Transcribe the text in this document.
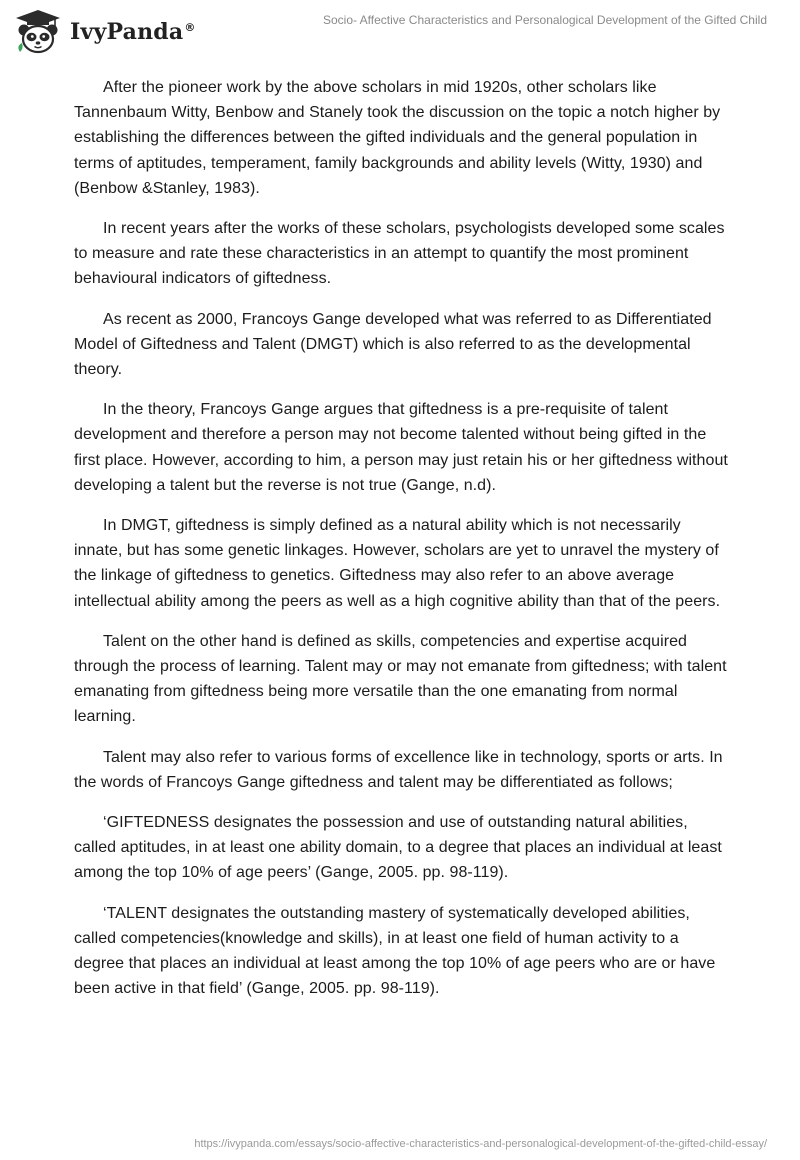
IvyPanda®
Socio- Affective Characteristics and Personalogical Development of the Gifted Child

After the pioneer work by the above scholars in mid 1920s, other scholars like Tannenbaum Witty, Benbow and Stanely took the discussion on the topic a notch higher by establishing the differences between the gifted individuals and the general population in terms of aptitudes, temperament, family backgrounds and ability levels (Witty, 1930) and (Benbow &Stanley, 1983).

In recent years after the works of these scholars, psychologists developed some scales to measure and rate these characteristics in an attempt to quantify the most prominent behavioural indicators of giftedness.

As recent as 2000, Francoys Gange developed what was referred to as Differentiated Model of Giftedness and Talent (DMGT) which is also referred to as the developmental theory.

In the theory, Francoys Gange argues that giftedness is a pre-requisite of talent development and therefore a person may not become talented without being gifted in the first place. However, according to him, a person may just retain his or her giftedness without developing a talent but the reverse is not true (Gange, n.d).

In DMGT, giftedness is simply defined as a natural ability which is not necessarily innate, but has some genetic linkages. However, scholars are yet to unravel the mystery of the linkage of giftedness to genetics. Giftedness may also refer to an above average intellectual ability among the peers as well as a high cognitive ability than that of the peers.

Talent on the other hand is defined as skills, competencies and expertise acquired through the process of learning. Talent may or may not emanate from giftedness; with talent emanating from giftedness being more versatile than the one emanating from normal learning.

Talent may also refer to various forms of excellence like in technology, sports or arts. In the words of Francoys Gange giftedness and talent may be differentiated as follows;

‘GIFTEDNESS designates the possession and use of outstanding natural abilities, called aptitudes, in at least one ability domain, to a degree that places an individual at least among the top 10% of age peers’ (Gange, 2005. pp. 98-119).

‘TALENT designates the outstanding mastery of systematically developed abilities, called competencies(knowledge and skills), in at least one field of human activity to a degree that places an individual at least among the top 10% of age peers who are or have been active in that field’ (Gange, 2005. pp. 98-119).

https://ivypanda.com/essays/socio-affective-characteristics-and-personalogical-development-of-the-gifted-child-essay/
